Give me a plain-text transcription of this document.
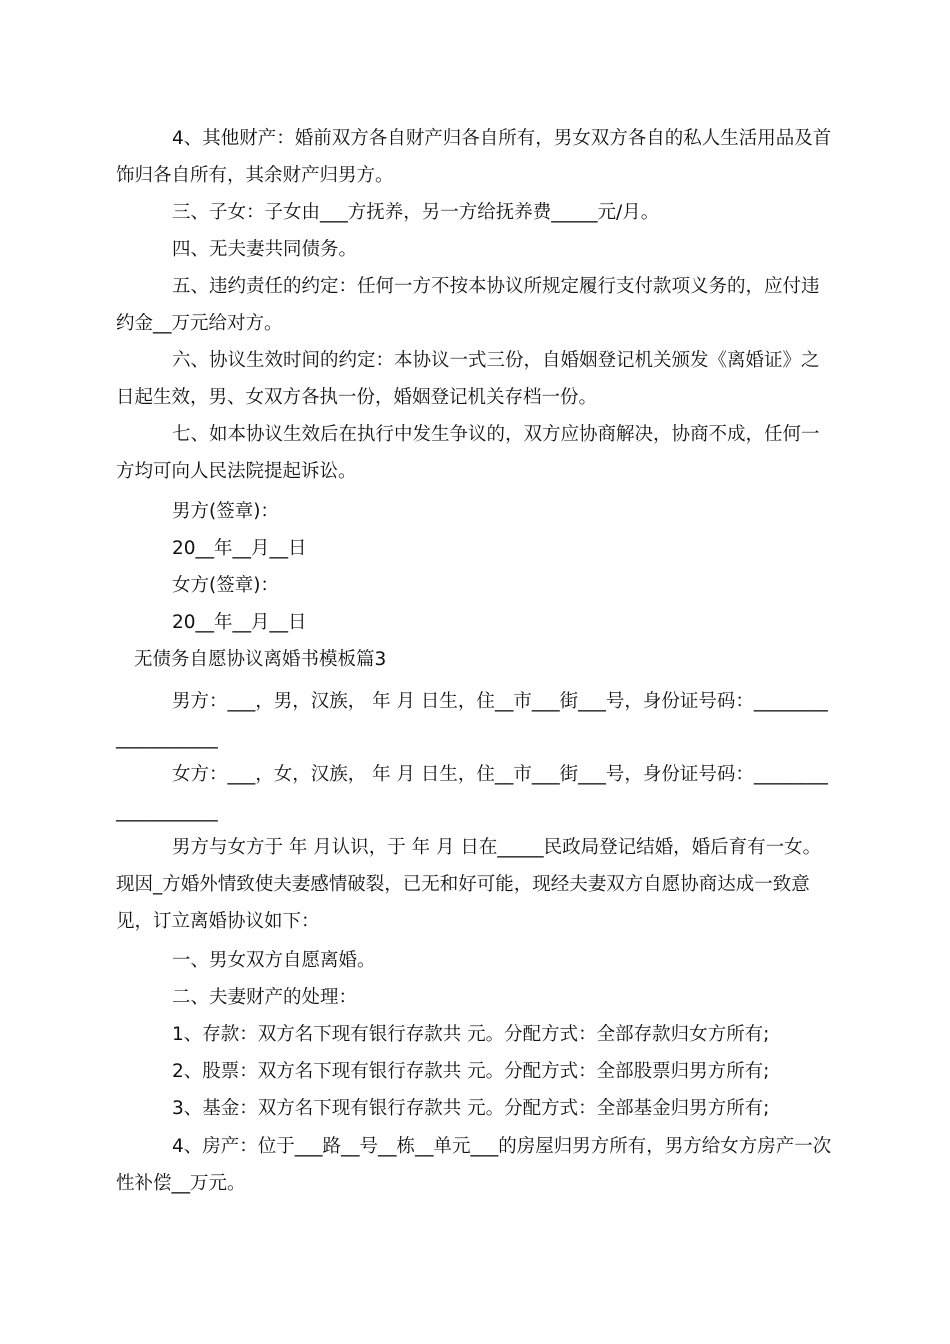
4、其他财产：婚前双方各自财产归各自所有，男女双方各自的私人生活用品及首饰归各自所有，其余财产归男方。

三、子女：子女由___方抚养，另一方给抚养费_____元/月。

四、无夫妻共同债务。

五、违约责任的约定：任何一方不按本协议所规定履行支付款项义务的，应付违约金__万元给对方。

六、协议生效时间的约定：本协议一式三份，自婚姻登记机关颁发《离婚证》之日起生效，男、女双方各执一份，婚姻登记机关存档一份。

七、如本协议生效后在执行中发生争议的，双方应协商解决，协商不成，任何一方均可向人民法院提起诉讼。

男方(签章)：

20__年__月__日

女方(签章)：

20__年__月__日

无债务自愿协议离婚书模板篇3

男方：___，男，汉族， 年 月 日生，住__市___街___号，身份证号码：___________________

女方：___，女，汉族， 年 月 日生，住__市___街___号，身份证号码：___________________

男方与女方于 年 月认识，于 年 月 日在_____民政局登记结婚，婚后育有一女。现因_方婚外情致使夫妻感情破裂，已无和好可能，现经夫妻双方自愿协商达成一致意见，订立离婚协议如下：

一、男女双方自愿离婚。

二、夫妻财产的处理：

1、存款：双方名下现有银行存款共 元。分配方式：全部存款归女方所有;

2、股票：双方名下现有银行存款共 元。分配方式：全部股票归男方所有;

3、基金：双方名下现有银行存款共 元。分配方式：全部基金归男方所有;

4、房产：位于___路__号__栋__单元___的房屋归男方所有，男方给女方房产一次性补偿__万元。
